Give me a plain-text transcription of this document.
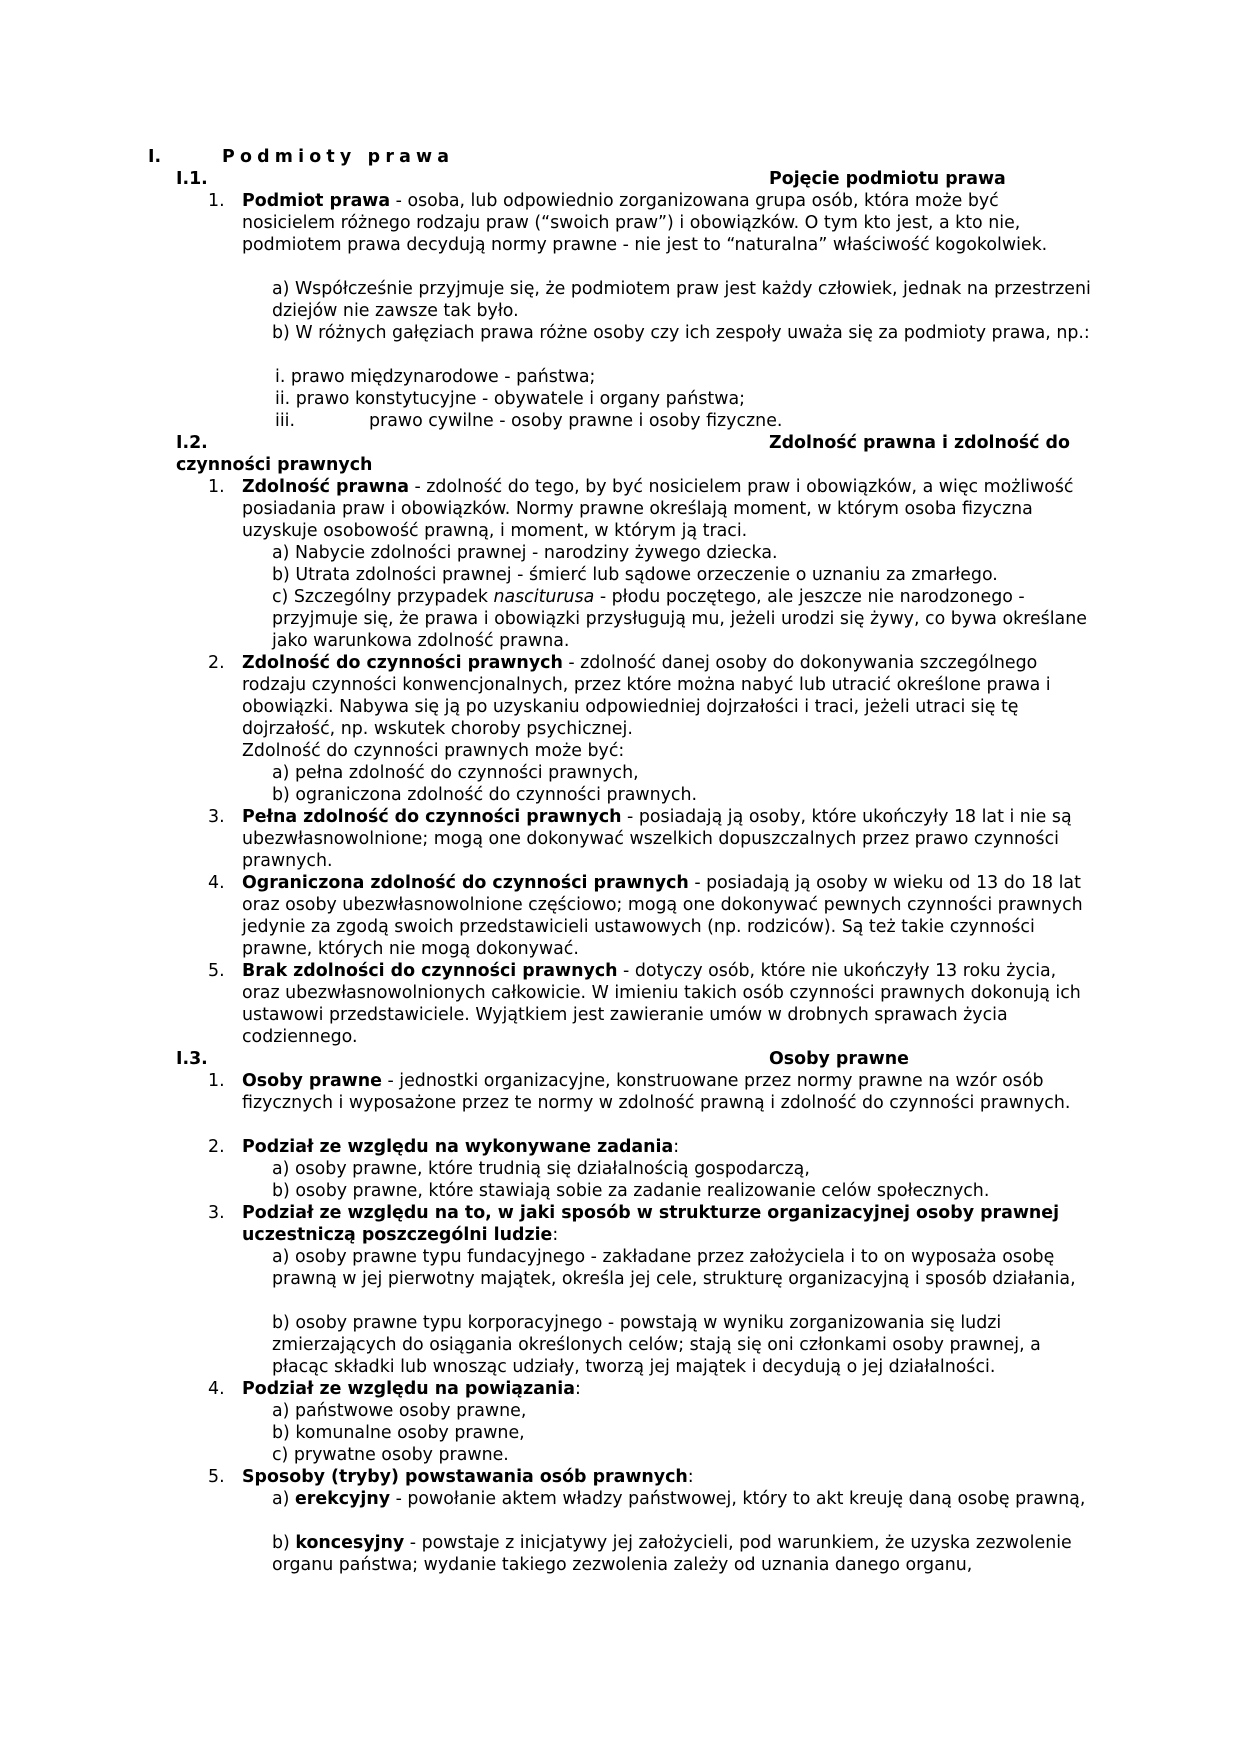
I.	Podmioty prawa
I.1.	Pojęcie podmiotu prawa
1. Podmiot prawa - osoba, lub odpowiednio zorganizowana grupa osób, która może być nosicielem różnego rodzaju praw (“swoich praw”) i obowiązków. O tym kto jest, a kto nie, podmiotem prawa decydują normy prawne - nie jest to “naturalna” właściwość kogokolwiek.
a) Współcześnie przyjmuje się, że podmiotem praw jest każdy człowiek, jednak na przestrzeni dziejów nie zawsze tak było.
b) W różnych gałęziach prawa różne osoby czy ich zespoły uważa się za podmioty prawa, np.:
i. prawo międzynarodowe - państwa;
ii. prawo konstytucyjne - obywatele i organy państwa;
iii.	prawo cywilne - osoby prawne i osoby fizyczne.
I.2.	Zdolność prawna i zdolność do
czynności prawnych
1. Zdolność prawna - zdolność do tego, by być nosicielem praw i obowiązków, a więc możliwość posiadania praw i obowiązków. Normy prawne określają moment, w którym osoba fizyczna uzyskuje osobowość prawną, i moment, w którym ją traci.
a) Nabycie zdolności prawnej - narodziny żywego dziecka.
b) Utrata zdolności prawnej - śmierć lub sądowe orzeczenie o uznaniu za zmarłego.
c) Szczególny przypadek nasciturusa - płodu poczętego, ale jeszcze nie narodzonego - przyjmuje się, że prawa i obowiązki przysługują mu, jeżeli urodzi się żywy, co bywa określane jako warunkowa zdolność prawna.
2. Zdolność do czynności prawnych - zdolność danej osoby do dokonywania szczególnego rodzaju czynności konwencjonalnych, przez które można nabyć lub utracić określone prawa i obowiązki. Nabywa się ją po uzyskaniu odpowiedniej dojrzałości i traci, jeżeli utraci się tę dojrzałość, np. wskutek choroby psychicznej.
Zdolność do czynności prawnych może być:
a) pełna zdolność do czynności prawnych,
b) ograniczona zdolność do czynności prawnych.
3. Pełna zdolność do czynności prawnych - posiadają ją osoby, które ukończyły 18 lat i nie są ubezwłasnowolnione; mogą one dokonywać wszelkich dopuszczalnych przez prawo czynności prawnych.
4. Ograniczona zdolność do czynności prawnych - posiadają ją osoby w wieku od 13 do 18 lat oraz osoby ubezwłasnowolnione częściowo; mogą one dokonywać pewnych czynności prawnych jedynie za zgodą swoich przedstawicieli ustawowych (np. rodziców). Są też takie czynności prawne, których nie mogą dokonywać.
5. Brak zdolności do czynności prawnych - dotyczy osób, które nie ukończyły 13 roku życia, oraz ubezwłasnowolnionych całkowicie. W imieniu takich osób czynności prawnych dokonują ich ustawowi przedstawiciele. Wyjątkiem jest zawieranie umów w drobnych sprawach życia codziennego.
I.3.	Osoby prawne
1. Osoby prawne - jednostki organizacyjne, konstruowane przez normy prawne na wzór osób fizycznych i wyposażone przez te normy w zdolność prawną i zdolność do czynności prawnych.
2. Podział ze względu na wykonywane zadania:
a) osoby prawne, które trudnią się działalnością gospodarczą,
b) osoby prawne, które stawiają sobie za zadanie realizowanie celów społecznych.
3. Podział ze względu na to, w jaki sposób w strukturze organizacyjnej osoby prawnej uczestniczą poszczególni ludzie:
a) osoby prawne typu fundacyjnego - zakładane przez założyciela i to on wyposaża osobę prawną w jej pierwotny majątek, określa jej cele, strukturę organizacyjną i sposób działania,
b) osoby prawne typu korporacyjnego - powstają w wyniku zorganizowania się ludzi zmierzających do osiągania określonych celów; stają się oni członkami osoby prawnej, a płacąc składki lub wnosząc udziały, tworzą jej majątek i decydują o jej działalności.
4. Podział ze względu na powiązania:
a) państwowe osoby prawne,
b) komunalne osoby prawne,
c) prywatne osoby prawne.
5. Sposoby (tryby) powstawania osób prawnych:
a) erekcyjny - powołanie aktem władzy państwowej, który to akt kreuję daną osobę prawną,
b) koncesyjny - powstaje z inicjatywy jej założycieli, pod warunkiem, że uzyska zezwolenie organu państwa; wydanie takiego zezwolenia zależy od uznania danego organu,
